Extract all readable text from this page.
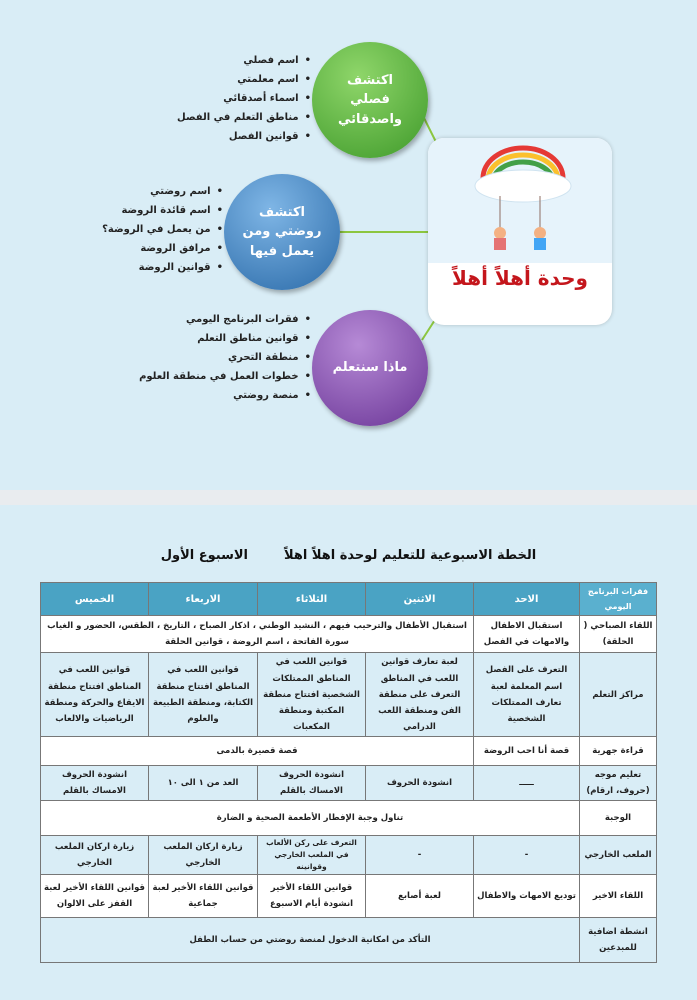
اكتشف فصلي واصدقائي
اكتشف روضتي ومن يعمل فيها
ماذا سنتعلم
• اسم فصلي
• اسم معلمتي
• اسماء أصدقائي
• مناطق التعلم في الفصل
• قوانين الفصل
• اسم روضتي
• اسم قائدة الروضة
• من يعمل في الروضة؟
• مرافق الروضة
• قوانين الروضة
• فقرات البرنامج اليومي
• قوانين مناطق التعلم
• منطقة التحري
• خطوات العمل في منطقة العلوم
• منصة روضتي
وحدة أهلاً أهلاً
الخطة الاسبوعية للتعليم لوحدة اهلاً اهلاًالاسبوع الأول
فقرات البرنامج اليومي	الاحد	الاثنين	الثلاثاء	الاربعاء	الخميس
اللقاء الصباحي ( الحلقة)	استقبال الاطفال والامهات في الفصل	استقبال الأطفال والترحيب فيهم ، النشيد الوطني ، اذكار الصباح ، التاريخ ، الطقس، الحضور و الغياب سورة الفاتحة ، اسم الروضة ، قوانين الحلقة			
مراكز التعلم	التعرف على الفصل اسم المعلمة لعبة تعارف الممتلكات الشخصية	لعبة تعارف قوانين اللعب في المناطق التعرف على منطقة الفن ومنطقة اللعب الدرامي	قوانين اللعب في المناطق الممتلكات الشخصية افتتاح منطقة المكتبة ومنطقة المكعبات	قوانين اللعب في المناطق افتتاح منطقة الكتابة، ومنطقة الطبيعة والعلوم	قوانين اللعب في المناطق افتتاح منطقة الايقاع والحركة ومنطقة الرياضيات والالعاب
قراءة جهرية	قصة أنا احب الروضة	قصة قصيرة بالدمى			
تعليم موجه (حروف، ارقام)	ـــــ	انشودة الحروف	انشودة الحروف الامساك بالقلم	العد من ١ الى ١٠	انشودة الحروف الامساك بالقلم
الوجبة	تناول وجبة الإفطار الأطعمة الصحية و الضارة				
الملعب الخارجي	-	-	التعرف على ركن الألعاب في الملعب الخارجي وقوانينه	زيارة اركان الملعب الخارجي	زيارة اركان الملعب الخارجي
اللقاء الاخير	توديع الامهات والاطفال	لعبة أصابع	قوانين اللقاء الأخير انشودة أيام الاسبوع	قوانين اللقاء الأخير لعبة جماعية	قوانين اللقاء الأخير لعبة القفز على الالوان
انشطة اضافية للمبدعين	التأكد من امكانية الدخول لمنصة روضتي من حساب الطفل				
